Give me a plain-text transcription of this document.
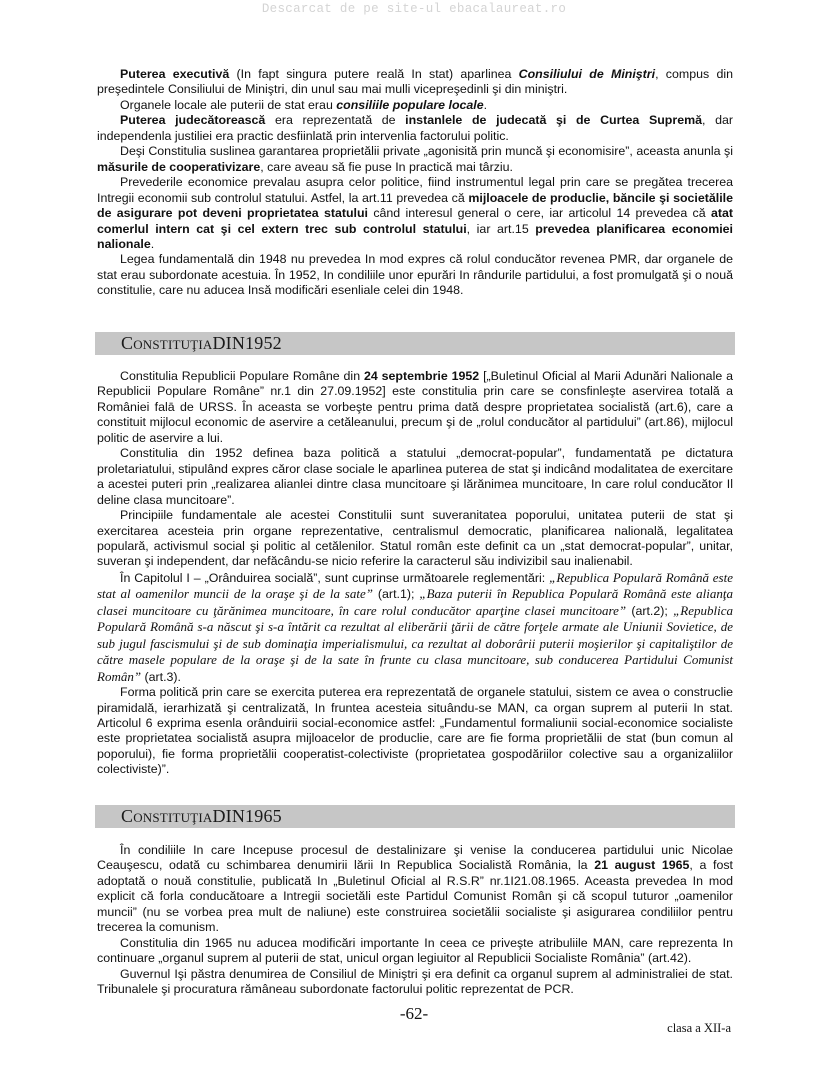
Descarcat de pe site-ul ebacalaureat.ro

Puterea executivă (In fapt singura putere reală In stat) aparlinea Consiliului de Miniştri, compus din preşedintele Consiliului de Miniştri, din unul sau mai mulli vicepreşedinli şi din miniştri.

Organele locale ale puterii de stat erau consiliile populare locale.

Puterea judecătorească era reprezentată de instanlele de judecată şi de Curtea Supremă, dar independenla justiliei era practic desfiinlată prin intervenlia factorului politic.

Deşi Constitulia suslinea garantarea proprietălii private „agonisită prin muncă şi economisire”, aceasta anunla şi măsurile de cooperativizare, care aveau să fie puse In practică mai târziu.

Prevederile economice prevalau asupra celor politice, fiind instrumentul legal prin care se pregătea trecerea Intregii economii sub controlul statului. Astfel, la art.11 prevedea că mijloacele de produclie, băncile şi societălile de asigurare pot deveni proprietatea statului când interesul general o cere, iar articolul 14 prevedea că atat comerlul intern cat şi cel extern trec sub controlul statului, iar art.15 prevedea planificarea economiei nalionale.

Legea fundamentală din 1948 nu prevedea In mod expres că rolul conducător revenea PMR, dar organele de stat erau subordonate acestuia. În 1952, In condiliile unor epurări In rândurile partidului, a fost promulgată şi o nouă constitulie, care nu aducea Insă modificări esenliale celei din 1948.

ConstituţiaDIN1952

Constitulia Republicii Populare Române din 24 septembrie 1952 [„Buletinul Oficial al Marii Adunări Nalionale a Republicii Populare Române” nr.1 din 27.09.1952] este constitulia prin care se consfinleşte aservirea totală a României falā de URSS. În aceasta se vorbeşte pentru prima dată despre proprietatea socialistă (art.6), care a constituit mijlocul economic de aservire a cetăleanului, precum şi de „rolul conducător al partidului” (art.86), mijlocul politic de aservire a lui.

Constitulia din 1952 definea baza politică a statului „democrat-popular”, fundamentată pe dictatura proletariatului, stipulând expres căror clase sociale le aparlinea puterea de stat şi indicând modalitatea de exercitare a acestei puteri prin „realizarea alianlei dintre clasa muncitoare şi lărănimea muncitoare, In care rolul conducător Il deline clasa muncitoare”.

Principiile fundamentale ale acestei Constitulii sunt suveranitatea poporului, unitatea puterii de stat şi exercitarea acesteia prin organe reprezentative, centralismul democratic, planificarea nalională, legalitatea populară, activismul social şi politic al cetălenilor. Statul român este definit ca un „stat democrat-popular”, unitar, suveran şi independent, dar nefăcându-se nicio referire la caracterul său indivizibil sau inalienabil.

În Capitolul I – „Orânduirea socială”, sunt cuprinse următoarele reglementări: „Republica Populară Română este stat al oamenilor muncii de la oraşe şi de la sate” (art.1); „Baza puterii în Republica Populară Română este alianţa clasei muncitoare cu ţărănimea muncitoare, în care rolul conducător aparţine clasei muncitoare” (art.2); „Republica Populară Română s-a născut şi s-a întărit ca rezultat al eliberării ţării de către forţele armate ale Uniunii Sovietice, de sub jugul fascismului şi de sub dominaţia imperialismului, ca rezultat al doborârii puterii moşierilor şi capitaliştilor de către masele populare de la oraşe şi de la sate în frunte cu clasa muncitoare, sub conducerea Partidului Comunist Român” (art.3).

Forma politică prin care se exercita puterea era reprezentată de organele statului, sistem ce avea o construclie piramidală, ierarhizată şi centralizată, In fruntea acesteia situându-se MAN, ca organ suprem al puterii In stat. Articolul 6 exprima esenla orânduirii social-economice astfel: „Fundamentul formaliunii social-economice socialiste este proprietatea socialistă asupra mijloacelor de produclie, care are fie forma proprietălii de stat (bun comun al poporului), fie forma proprietălii cooperatist-colectiviste (proprietatea gospodăriilor colective sau a organizaliilor colectiviste)”.

ConstituţiaDIN1965

În condiliile In care Incepuse procesul de destalinizare şi venise la conducerea partidului unic Nicolae Ceauşescu, odată cu schimbarea denumirii lării In Republica Socialistă România, la 21 august 1965, a fost adoptată o nouă constitulie, publicată In „Buletinul Oficial al R.S.R” nr.1I21.08.1965. Aceasta prevedea In mod explicit că forla conducătoare a Intregii societăli este Partidul Comunist Român şi că scopul tuturor „oamenilor muncii” (nu se vorbea prea mult de naliune) este construirea societălii socialiste şi asigurarea condiliilor pentru trecerea la comunism.

Constitulia din 1965 nu aducea modificări importante In ceea ce priveşte atribuliile MAN, care reprezenta In continuare „organul suprem al puterii de stat, unicul organ legiuitor al Republicii Socialiste România” (art.42).

Guvernul Işi păstra denumirea de Consiliul de Miniştri şi era definit ca organul suprem al administraliei de stat. Tribunalele şi procuratura rămâneau subordonate factorului politic reprezentat de PCR.

-62-
clasa a XII-a
